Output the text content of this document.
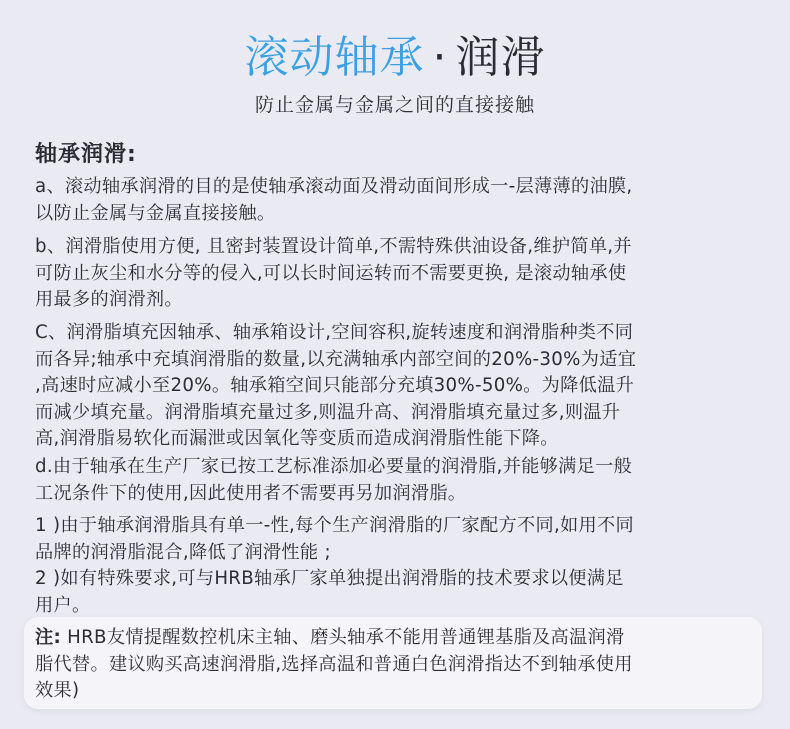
滚动轴承 · 润滑
防止金属与金属之间的直接接触
轴承润滑:
a、滚动轴承润滑的目的是使轴承滚动面及滑动面间形成一-层薄薄的油膜,
以防止金属与金属直接接触。
b、润滑脂使用方便, 且密封装置设计简单,不需特殊供油设备,维护简单,并
可防止灰尘和水分等的侵入,可以长时间运转而不需要更换, 是滚动轴承使
用最多的润滑剂。
C、润滑脂填充因轴承、轴承箱设计,空间容积,旋转速度和润滑脂种类不同
而各异;轴承中充填润滑脂的数量,以充满轴承内部空间的20%-30%为适宜
,高速时应减小至20%。轴承箱空间只能部分充填30%-50%。为降低温升
而减少填充量。润滑脂填充量过多,则温升高、润滑脂填充量过多,则温升
高,润滑脂易软化而漏泄或因氧化等变质而造成润滑脂性能下降。
d.由于轴承在生产厂家已按工艺标准添加必要量的润滑脂,并能够满足一般
工况条件下的使用,因此使用者不需要再另加润滑脂。
1 )由于轴承润滑脂具有单一-性,每个生产润滑脂的厂家配方不同,如用不同
品牌的润滑脂混合,降低了润滑性能 ;
2 )如有特殊要求,可与HRB轴承厂家单独提出润滑脂的技术要求以便满足
用户。
注: HRB友情提醒数控机床主轴、磨头轴承不能用普通锂基脂及高温润滑
脂代替。建议购买高速润滑脂,选择高温和普通白色润滑指达不到轴承使用
效果)
